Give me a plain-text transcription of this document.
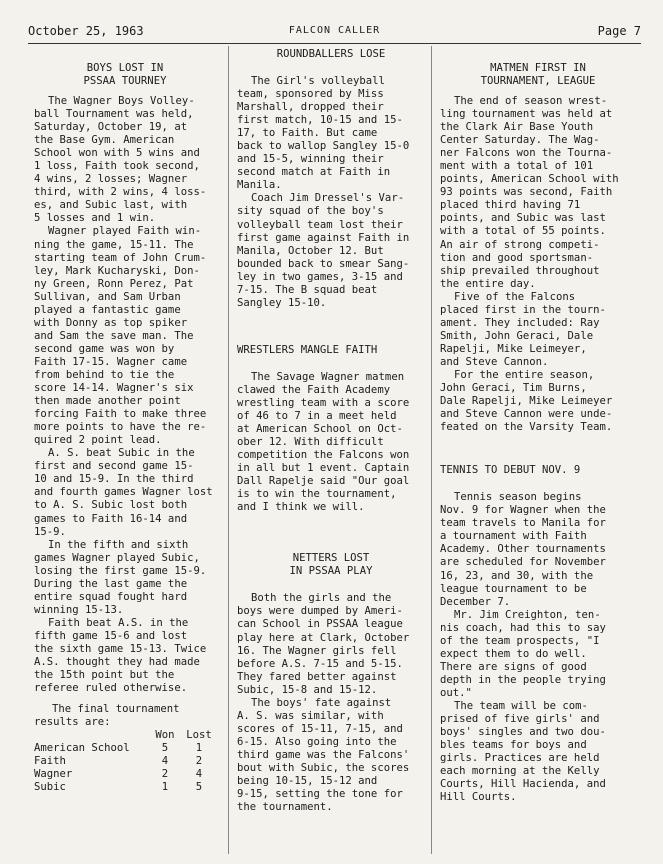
October 25, 1963	FALCON CALLER	Page 7
BOYS LOST IN
PSSAA TOURNEY

The Wagner Boys Volley-

ball Tournament was held,

Saturday, October 19, at

the Base Gym. American

School won with 5 wins and

1 loss, Faith took second,

4 wins, 2 losses; Wagner

third, with 2 wins, 4 loss-

es, and Subic last, with

5 losses and 1 win.

Wagner played Faith win-

ning the game, 15-11. The

starting team of John Crum-

ley, Mark Kucharyski, Don-

ny Green, Ronn Perez, Pat

Sullivan, and Sam Urban

played a fantastic game

with Donny as top spiker

and Sam the save man. The

second game was won by

Faith 17-15. Wagner came

from behind to tie the

score 14-14. Wagner's six

then made another point

forcing Faith to make three

more points to have the re-

quired 2 point lead.

A. S. beat Subic in the

first and second game 15-

10 and 15-9. In the third

and fourth games Wagner lost

to A. S. Subic lost both

games to Faith 16-14 and

15-9.

In the fifth and sixth

games Wagner played Subic,

losing the first game 15-9.

During the last game the

entire squad fought hard

winning 15-13.

Faith beat A.S. in the

fifth game 15-6 and lost

the sixth game 15-13. Twice

A.S. thought they had made

the 15th point but the

referee ruled otherwise.

The final tournament

results are:

	Won	Lost
American School	5	1
Faith	4	2
Wagner	2	4
Subic	1	5
ROUNDBALLERS LOSE

The Girl's volleyball

team, sponsored by Miss

Marshall, dropped their

first match, 10-15 and 15-

17, to Faith. But came

back to wallop Sangley 15-0

and 15-5, winning their

second match at Faith in

Manila.

Coach Jim Dressel's Var-

sity squad of the boy's

volleyball team lost their

first game against Faith in

Manila, October 12. But

bounded back to smear Sang-

ley in two games, 3-15 and

7-15. The B squad beat

Sangley 15-10.

WRESTLERS MANGLE FAITH

The Savage Wagner matmen

clawed the Faith Academy

wrestling team with a score

of 46 to 7 in a meet held

at American School on Oct-

ober 12. With difficult

competition the Falcons won

in all but 1 event. Captain

Dall Rapelje said "Our goal

is to win the tournament,

and I think we will.

NETTERS LOST
IN PSSAA PLAY

Both the girls and the

boys were dumped by Ameri-

can School in PSSAA league

play here at Clark, October

16. The Wagner girls fell

before A.S. 7-15 and 5-15.

They fared better against

Subic, 15-8 and 15-12.

The boys' fate against

A. S. was similar, with

scores of 15-11, 7-15, and

6-15. Also going into the

third game was the Falcons'

bout with Subic, the scores

being 10-15, 15-12 and

9-15, setting the tone for

the tournament.

MATMEN FIRST IN
TOURNAMENT, LEAGUE

The end of season wrest-

ling tournament was held at

the Clark Air Base Youth

Center Saturday. The Wag-

ner Falcons won the Tourna-

ment with a total of 101

points, American School with

93 points was second, Faith

placed third having 71

points, and Subic was last

with a total of 55 points.

An air of strong competi-

tion and good sportsman-

ship prevailed throughout

the entire day.

Five of the Falcons

placed first in the tourn-

ament. They included: Ray

Smith, John Geraci, Dale

Rapelji, Mike Leimeyer,

and Steve Cannon.

For the entire season,

John Geraci, Tim Burns,

Dale Rapelji, Mike Leimeyer

and Steve Cannon were unde-

feated on the Varsity Team.

TENNIS TO DEBUT NOV. 9

Tennis season begins

Nov. 9 for Wagner when the

team travels to Manila for

a tournament with Faith

Academy. Other tournaments

are scheduled for November

16, 23, and 30, with the

league tournament to be

December 7.

Mr. Jim Creighton, ten-

nis coach, had this to say

of the team prospects, "I

expect them to do well.

There are signs of good

depth in the people trying

out."

The team will be com-

prised of five girls' and

boys' singles and two dou-

bles teams for boys and

girls. Practices are held

each morning at the Kelly

Courts, Hill Hacienda, and

Hill Courts.
